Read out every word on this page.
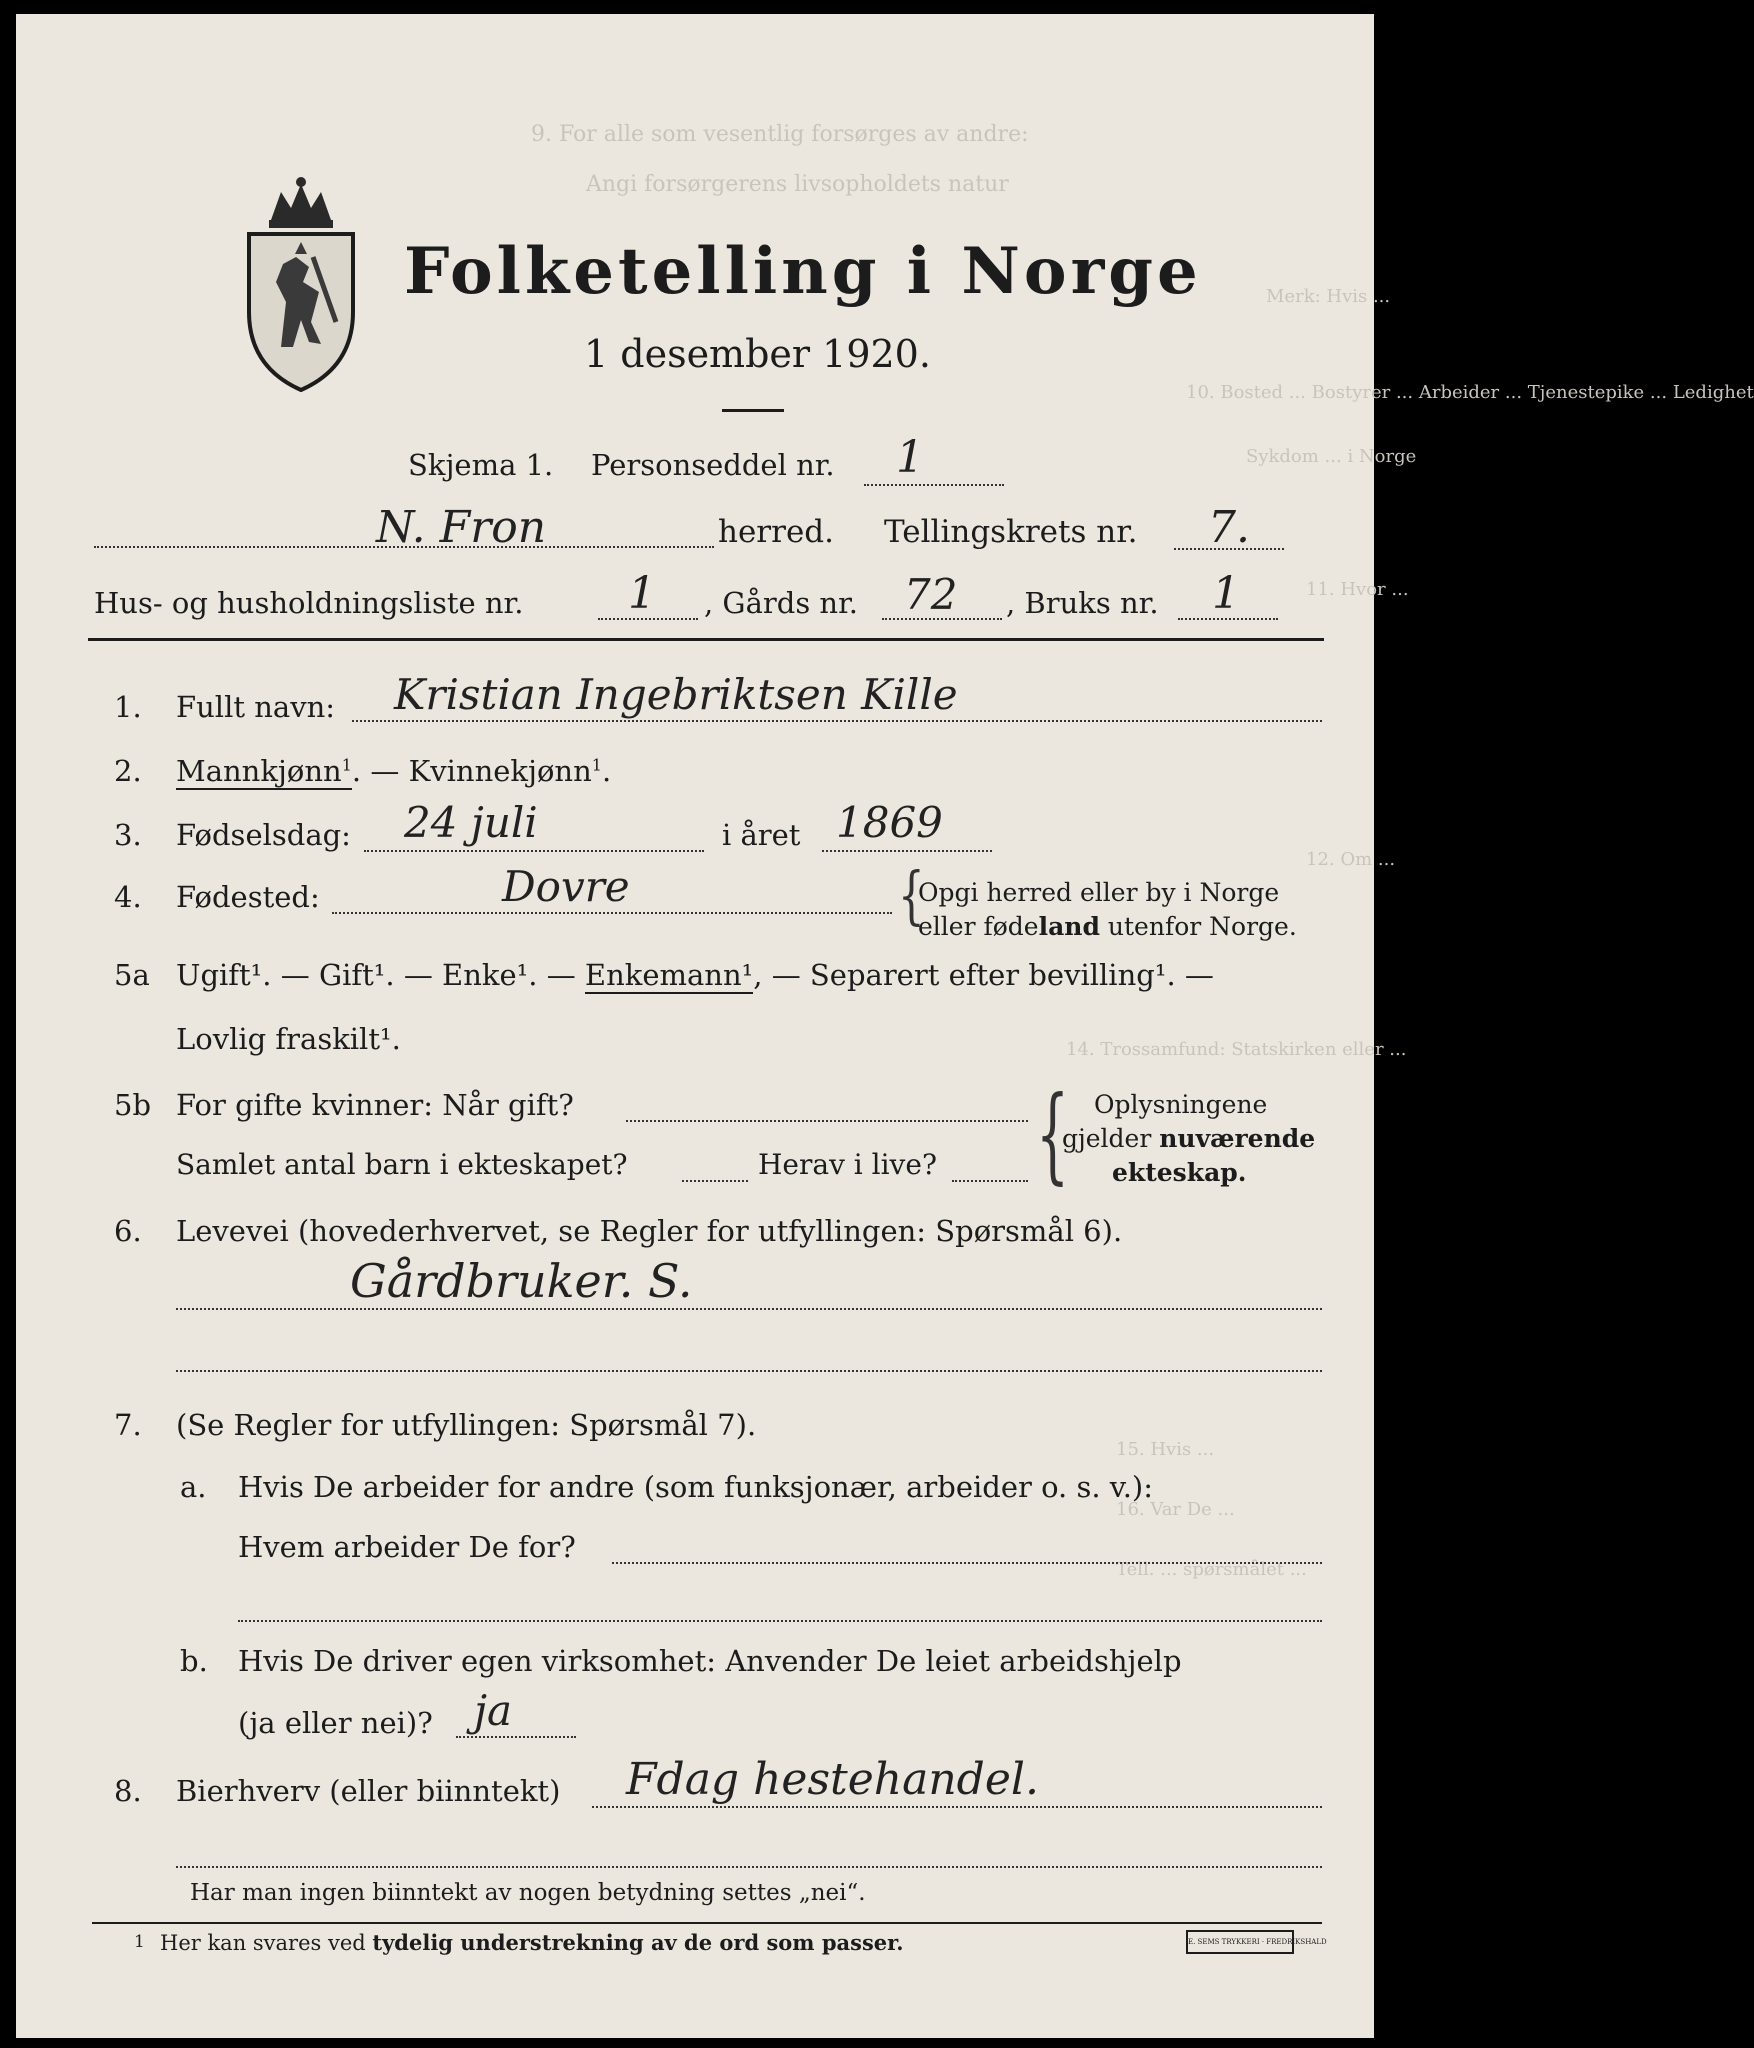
9. For alle som vesentlig forsørges av andre:
Angi forsørgerens livsopholdets natur
Merk: Hvis ...
10. Bosted ... Bostyrer ... Arbeider ... Tjenestepike ... Ledighet
Sykdom ... i Norge
11. Hvor ...
12. Om ...
14. Trossamfund: Statskirken eller ...
15. Hvis ...
16. Var De ...
Tell. ... spørsmålet ...
Folketelling i Norge
1 desember 1920.
Skjema 1. Personseddel nr. 1
N. Fron	herred. Tellingskrets nr. 7.
Hus- og husholdningsliste nr. 1 , Gårds nr. 72 , Bruks nr. 1
1. Fullt navn: Kristian Ingebriktsen Kille
2. Mannkjønn$^1$. — Kvinnekjønn$^1$.
3. Fødselsdag: 24 juli	i året 1869
4. Fødested:	Dovre	{
Opgi herred eller by i Norge
eller fødeland utenfor Norge.
5a Ugift¹. — Gift¹. — Enke¹. — Enkemann¹, — Separert efter bevilling¹. —
Lovlig fraskilt¹.
5b For gifte kvinner: Når gift?
Samlet antal barn i ekteskapet?	Herav i live? { Oplysningene
gjelder nuværende
ekteskap.
6. Levevei (hovederhvervet, se Regler for utfyllingen: Spørsmål 6).
Gårdbruker. S.
7. (Se Regler for utfyllingen: Spørsmål 7).
a. Hvis De arbeider for andre (som funksjonær, arbeider o. s. v.):
Hvem arbeider De for?
b. Hvis De driver egen virksomhet: Anvender De leiet arbeidshjelp
(ja eller nei)? ja
8. Bierhverv (eller biinntekt) Fdag hestehandel.
Har man ingen biinntekt av nogen betydning settes „nei“.
1 Her kan svares ved tydelig understrekning av de ord som passer.	E. SEMS TRYKKERI · FREDRIKSHALD
